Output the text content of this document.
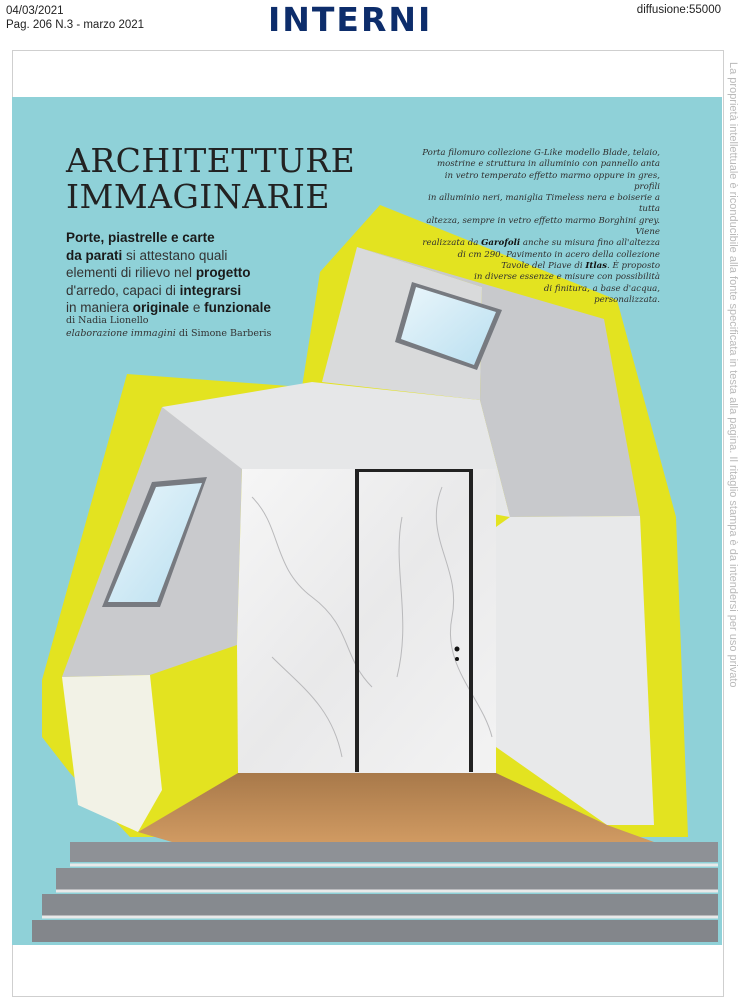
04/03/2021
Pag. 206 N.3 - marzo 2021	INTERNI	diffusione:55000
ARCHITETTURE
IMMAGINARIE
Porte, piastrelle e carte
da parati si attestano quali
elementi di rilievo nel progetto
d'arredo, capaci di integrarsi
in maniera originale e funzionale
di Nadia Lionello
elaborazione immagini di Simone Barberis
Porta filomuro collezione G-Like modello Blade, telaio,
mostrine e struttura in alluminio con pannello anta
in vetro temperato effetto marmo oppure in gres, profili
in alluminio neri, maniglia Timeless nera e boiserie a tutta
altezza, sempre in vetro effetto marmo Borghini grey. Viene
realizzata da Garofoli anche su misura fino all'altezza
di cm 290. Pavimento in acero della collezione
Tavole del Piave di Itlas. È proposto
in diverse essenze e misure con possibilità
di finitura, a base d'acqua,
personalizzata.	La proprietà intellettuale è riconducibile alla fonte specificata in testa alla pagina. Il ritaglio stampa è da intendersi per uso privato
